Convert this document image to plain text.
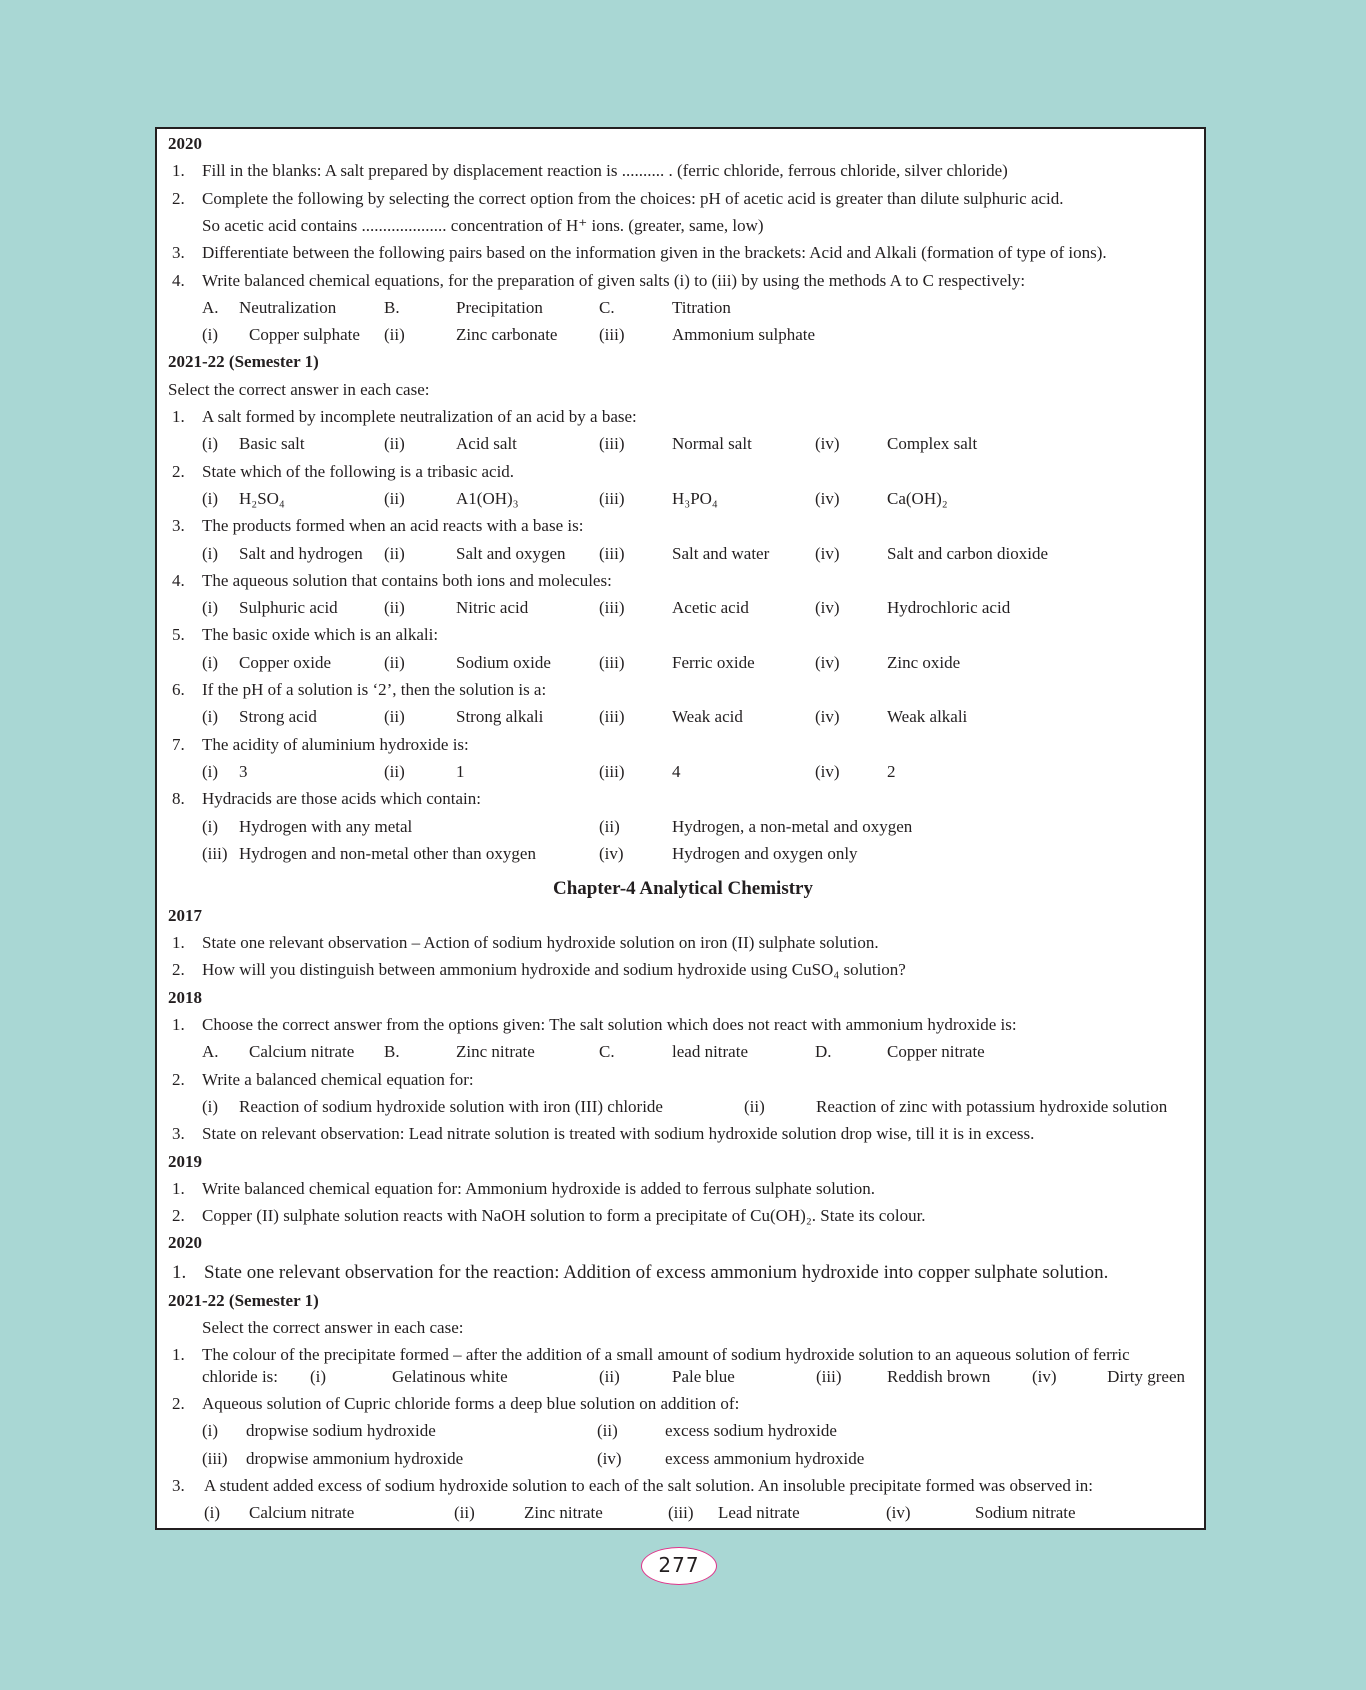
2020
1. Fill in the blanks: A salt prepared by displacement reaction is .......... . (ferric chloride, ferrous chloride, silver chloride)
2. Complete the following by selecting the correct option from the choices: pH of acetic acid is greater than dilute sulphuric acid.
So acetic acid contains .................... concentration of H⁺ ions. (greater, same, low)
3. Differentiate between the following pairs based on the information given in the brackets: Acid and Alkali (formation of type of ions).
4. Write balanced chemical equations, for the preparation of given salts (i) to (iii) by using the methods A to C respectively:
A. Neutralization	B.	Precipitation	C.	Titration
(i) Copper sulphate (ii)	Zinc carbonate (iii)	Ammonium sulphate
2021-22 (Semester 1)
Select the correct answer in each case:
1. A salt formed by incomplete neutralization of an acid by a base:
(i) Basic salt	(ii)	Acid salt	(iii)	Normal salt	(iv)	Complex salt
2. State which of the following is a tribasic acid.
(i) H₂SO₄	(ii)	A1(OH)₃	(iii)	H₃PO₄	(iv)	Ca(OH)₂
3. The products formed when an acid reacts with a base is:
(i) Salt and hydrogen (ii)	Salt and oxygen (iii)	Salt and water	(iv)	Salt and carbon dioxide
4. The aqueous solution that contains both ions and molecules:
(i) Sulphuric acid	(ii)	Nitric acid	(iii)	Acetic acid	(iv)	Hydrochloric acid
5. The basic oxide which is an alkali:
(i) Copper oxide	(ii)	Sodium oxide	(iii)	Ferric oxide	(iv)	Zinc oxide
6. If the pH of a solution is ‘2’, then the solution is a:
(i) Strong acid	(ii)	Strong alkali	(iii)	Weak acid	(iv)	Weak alkali
7. The acidity of aluminium hydroxide is:
(i) 3	(ii)	1	(iii)	4	(iv)	2
8. Hydracids are those acids which contain:
(i) Hydrogen with any metal	(ii)	Hydrogen, a non-metal and oxygen
(iii) Hydrogen and non-metal other than oxygen	(iv)	Hydrogen and oxygen only
Chapter-4 Analytical Chemistry
2017
1. State one relevant observation – Action of sodium hydroxide solution on iron (II) sulphate solution.
2. How will you distinguish between ammonium hydroxide and sodium hydroxide using CuSO₄ solution?
2018
1. Choose the correct answer from the options given: The salt solution which does not react with ammonium hydroxide is:
A. Calcium nitrate B.	Zinc nitrate	C.	lead nitrate	D.	Copper nitrate
2. Write a balanced chemical equation for:
(i) Reaction of sodium hydroxide solution with iron (III) chloride	(ii)	Reaction of zinc with potassium hydroxide solution
3. State on relevant observation: Lead nitrate solution is treated with sodium hydroxide solution drop wise, till it is in excess.
2019
1. Write balanced chemical equation for: Ammonium hydroxide is added to ferrous sulphate solution.
2. Copper (II) sulphate solution reacts with NaOH solution to form a precipitate of Cu(OH)₂. State its colour.
2020
1. State one relevant observation for the reaction: Addition of excess ammonium hydroxide into copper sulphate solution.
2021-22 (Semester 1)
Select the correct answer in each case:
1. The colour of the precipitate formed – after the addition of a small amount of sodium hydroxide solution to an aqueous solution of ferric
chloride is: (i)	Gelatinous white	(ii)	Pale blue	(iii)	Reddish brown (iv)	Dirty green
2. Aqueous solution of Cupric chloride forms a deep blue solution on addition of:
(i) dropwise sodium hydroxide	(ii)	excess sodium hydroxide
(iii) dropwise ammonium hydroxide	(iv)	excess ammonium hydroxide
3. A student added excess of sodium hydroxide solution to each of the salt solution. An insoluble precipitate formed was observed in:
(i) Calcium nitrate	(ii)	Zinc nitrate	(iii) Lead nitrate	(iv)	Sodium nitrate
277
